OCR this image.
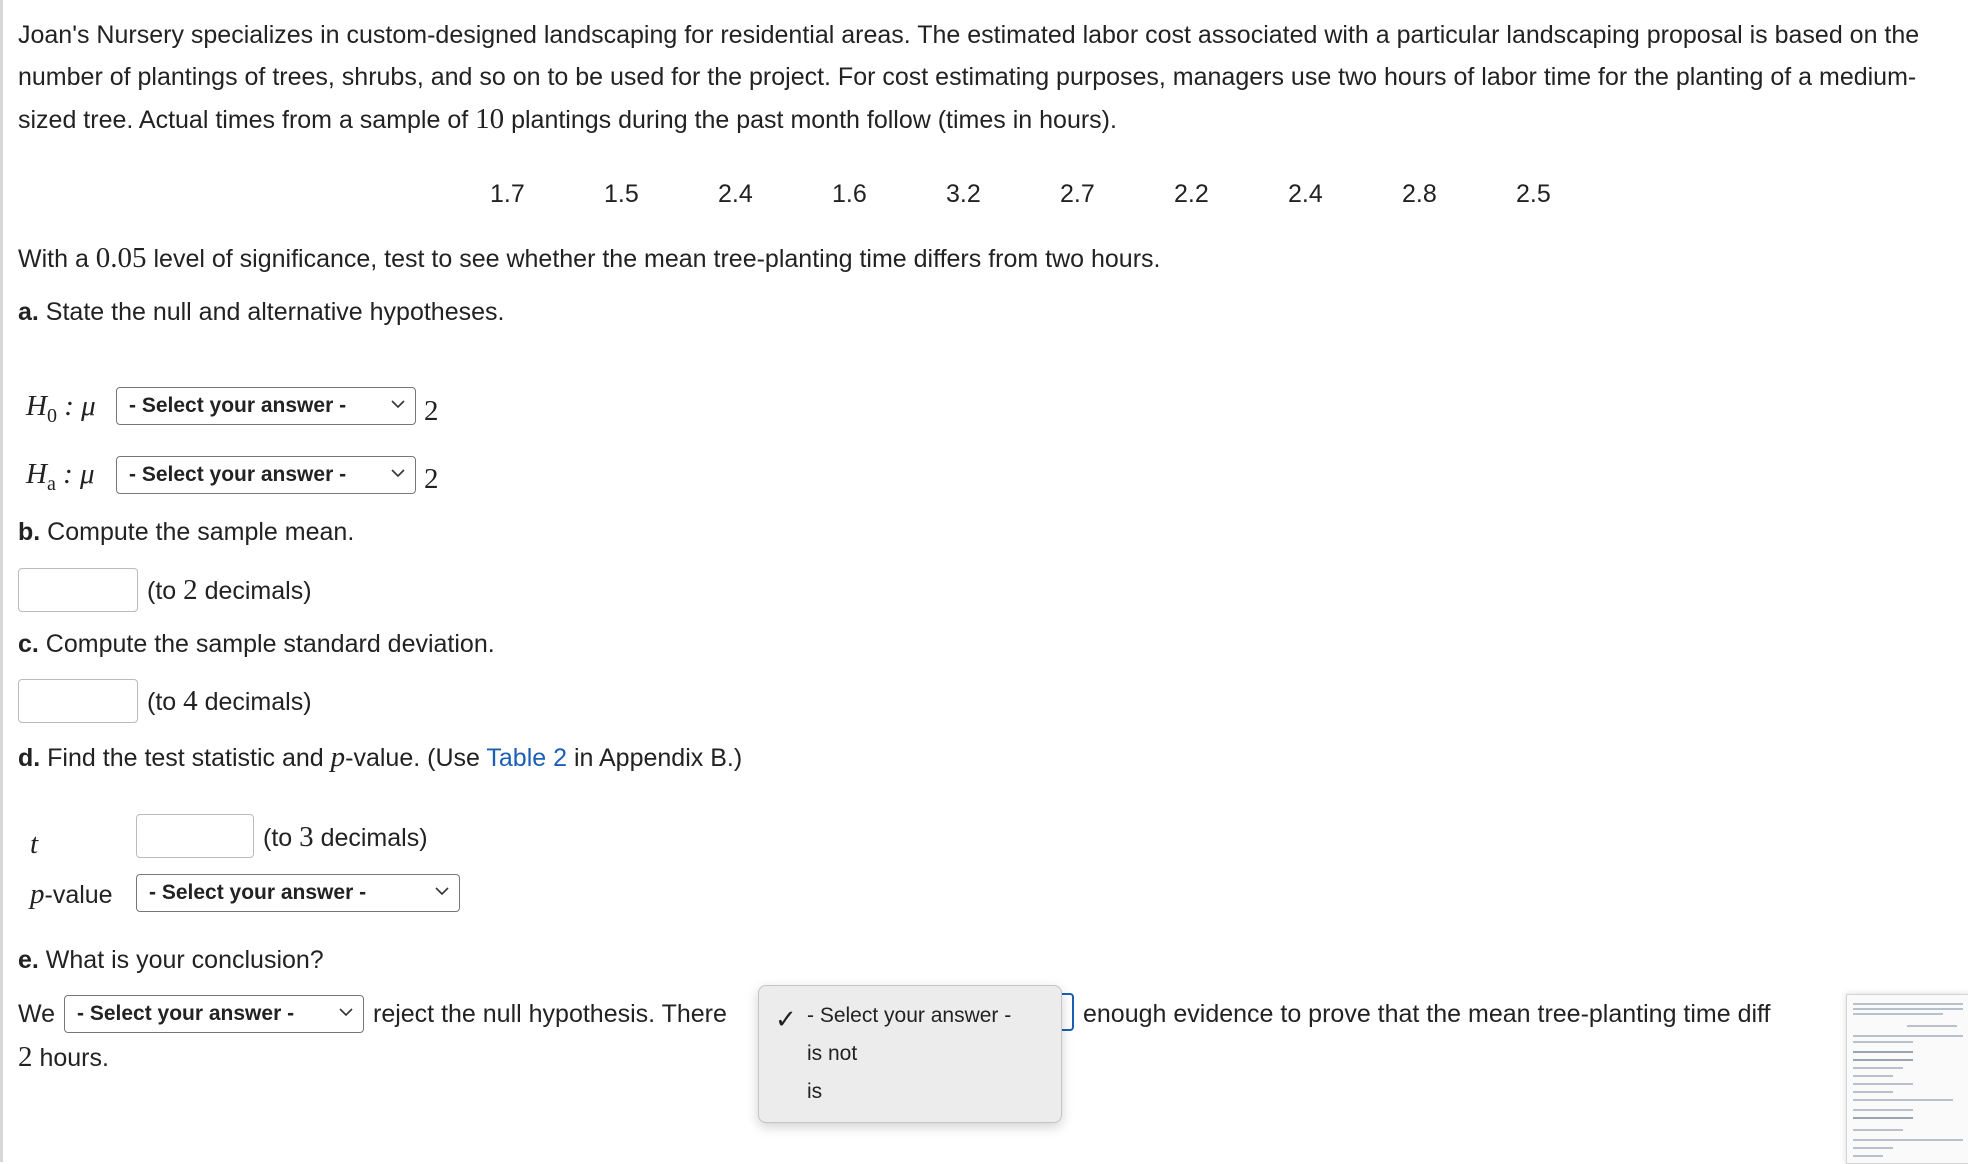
Joan's Nursery specializes in custom-designed landscaping for residential areas. The estimated labor cost associated with a particular landscaping proposal is based on the number of plantings of trees, shrubs, and so on to be used for the project. For cost estimating purposes, managers use two hours of labor time for the planting of a medium-sized tree. Actual times from a sample of 10 plantings during the past month follow (times in hours).
1.7	1.5	2.4	1.6	3.2	2.7	2.2	2.4	2.8	2.5
With a 0.05 level of significance, test to see whether the mean tree-planting time differs from two hours.
a. State the null and alternative hypotheses.
$H_0$ : μ - Select your answer -	2
$H_a$ : μ - Select your answer -	2
b. Compute the sample mean.
(to 2 decimals)
c. Compute the sample standard deviation.
(to 4 decimals)
d. Find the test statistic and p-value. (Use Table 2 in Appendix B.)
t	(to 3 decimals)
p-value - Select your answer -
e. What is your conclusion?
We - Select your answer -	reject the null hypothesis. There	enough evidence to prove that the mean tree-planting time diff
2 hours.
✓ - Select your answer -
is not
is
